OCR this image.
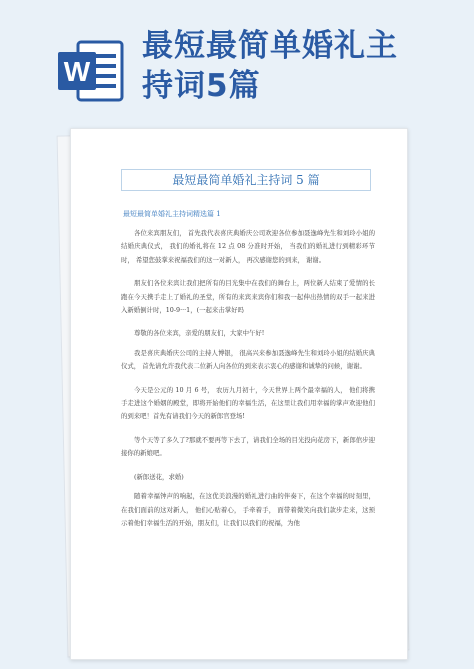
W
最短最简单婚礼主
持词5篇
最短最简单婚礼主持词 5 篇
最短最简单婚礼主持词精选篇 1

各位来宾朋友们， 首先我代表喜庆典婚庆公司欢迎各位参加聂逸峰先生和刘玲小姐的结婚庆典仪式， 我们的婚礼将在 12 点 08 分准时开始， 当我们的婚礼进行到精彩环节时， 希望您鼓掌来祝福我们的这一对新人， 再次感谢您的到来， 谢谢。

朋友们各位来宾让我们把所有的目光集中在我们的舞台上，两位新人结束了爱情的长跑在今天携手走上了婚礼的圣堂，所有的来宾来宾你们和我一起伸出热情的双手一起来进入新婚倒计时，10-9···1，(一起来击掌好吗

尊敬的各位来宾，亲爱的朋友们，大家中午好!

我是喜庆典婚庆公司的主持人博银， 很高兴来参加聂逸峰先生和刘玲小姐的结婚庆典仪式， 首先请允许我代表二位新人向各位的到来表示衷心的感谢和诚挚的问候，谢谢。

今天是公元的 10 月 6 号， 农历九月初十，今天世界上两个最幸福的人， 他们将携手走进这个婚姻的殿堂，即将开始他们的幸福生活，在这里让我们用幸福的掌声欢迎他们的到来吧！首先有请我们今天的新郎官登场!

等个天等了多久了?那就不要再等下去了，请我们全场的目光投向花房下，新郎倌步迎接你的新娘吧。

(新郎送花，求婚)

随着幸福钟声的响起，在这优美浪漫的婚礼进行曲的伴奏下，在这个幸福的时刻里，在我们面前的这对新人， 他们心贴着心， 手牵着手， 面带着微笑向我们款步走来，这预示着他们幸福生活的开始，朋友们，让我们以我们的祝福，为他
